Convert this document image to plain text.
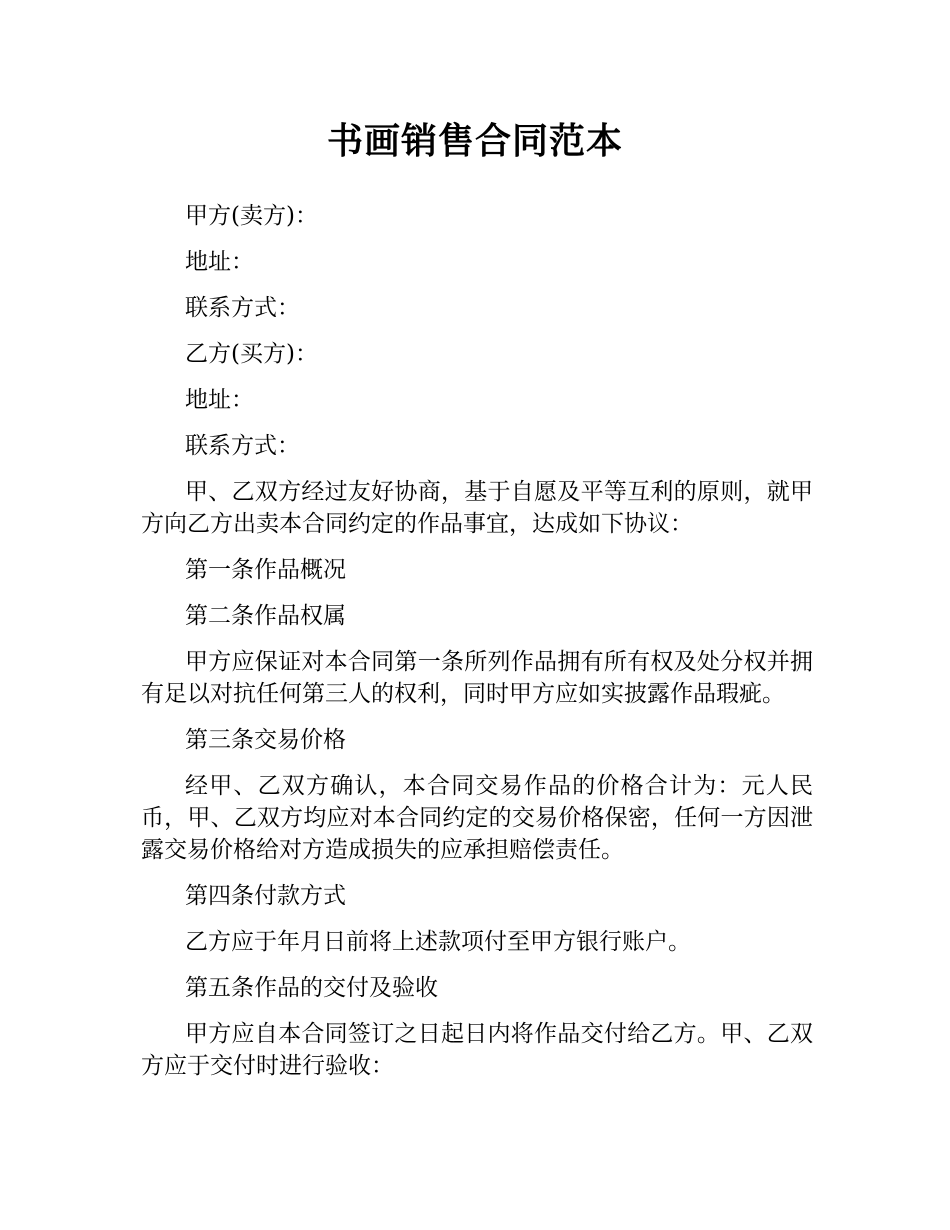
书画销售合同范本

甲方(卖方)：

地址：

联系方式：

乙方(买方)：

地址：

联系方式：

甲、乙双方经过友好协商，基于自愿及平等互利的原则，就甲方向乙方出卖本合同约定的作品事宜，达成如下协议：

第一条作品概况

第二条作品权属

甲方应保证对本合同第一条所列作品拥有所有权及处分权并拥有足以对抗任何第三人的权利，同时甲方应如实披露作品瑕疵。

第三条交易价格

经甲、乙双方确认，本合同交易作品的价格合计为：元人民币，甲、乙双方均应对本合同约定的交易价格保密，任何一方因泄露交易价格给对方造成损失的应承担赔偿责任。

第四条付款方式

乙方应于年月日前将上述款项付至甲方银行账户。

第五条作品的交付及验收

甲方应自本合同签订之日起日内将作品交付给乙方。甲、乙双方应于交付时进行验收：
